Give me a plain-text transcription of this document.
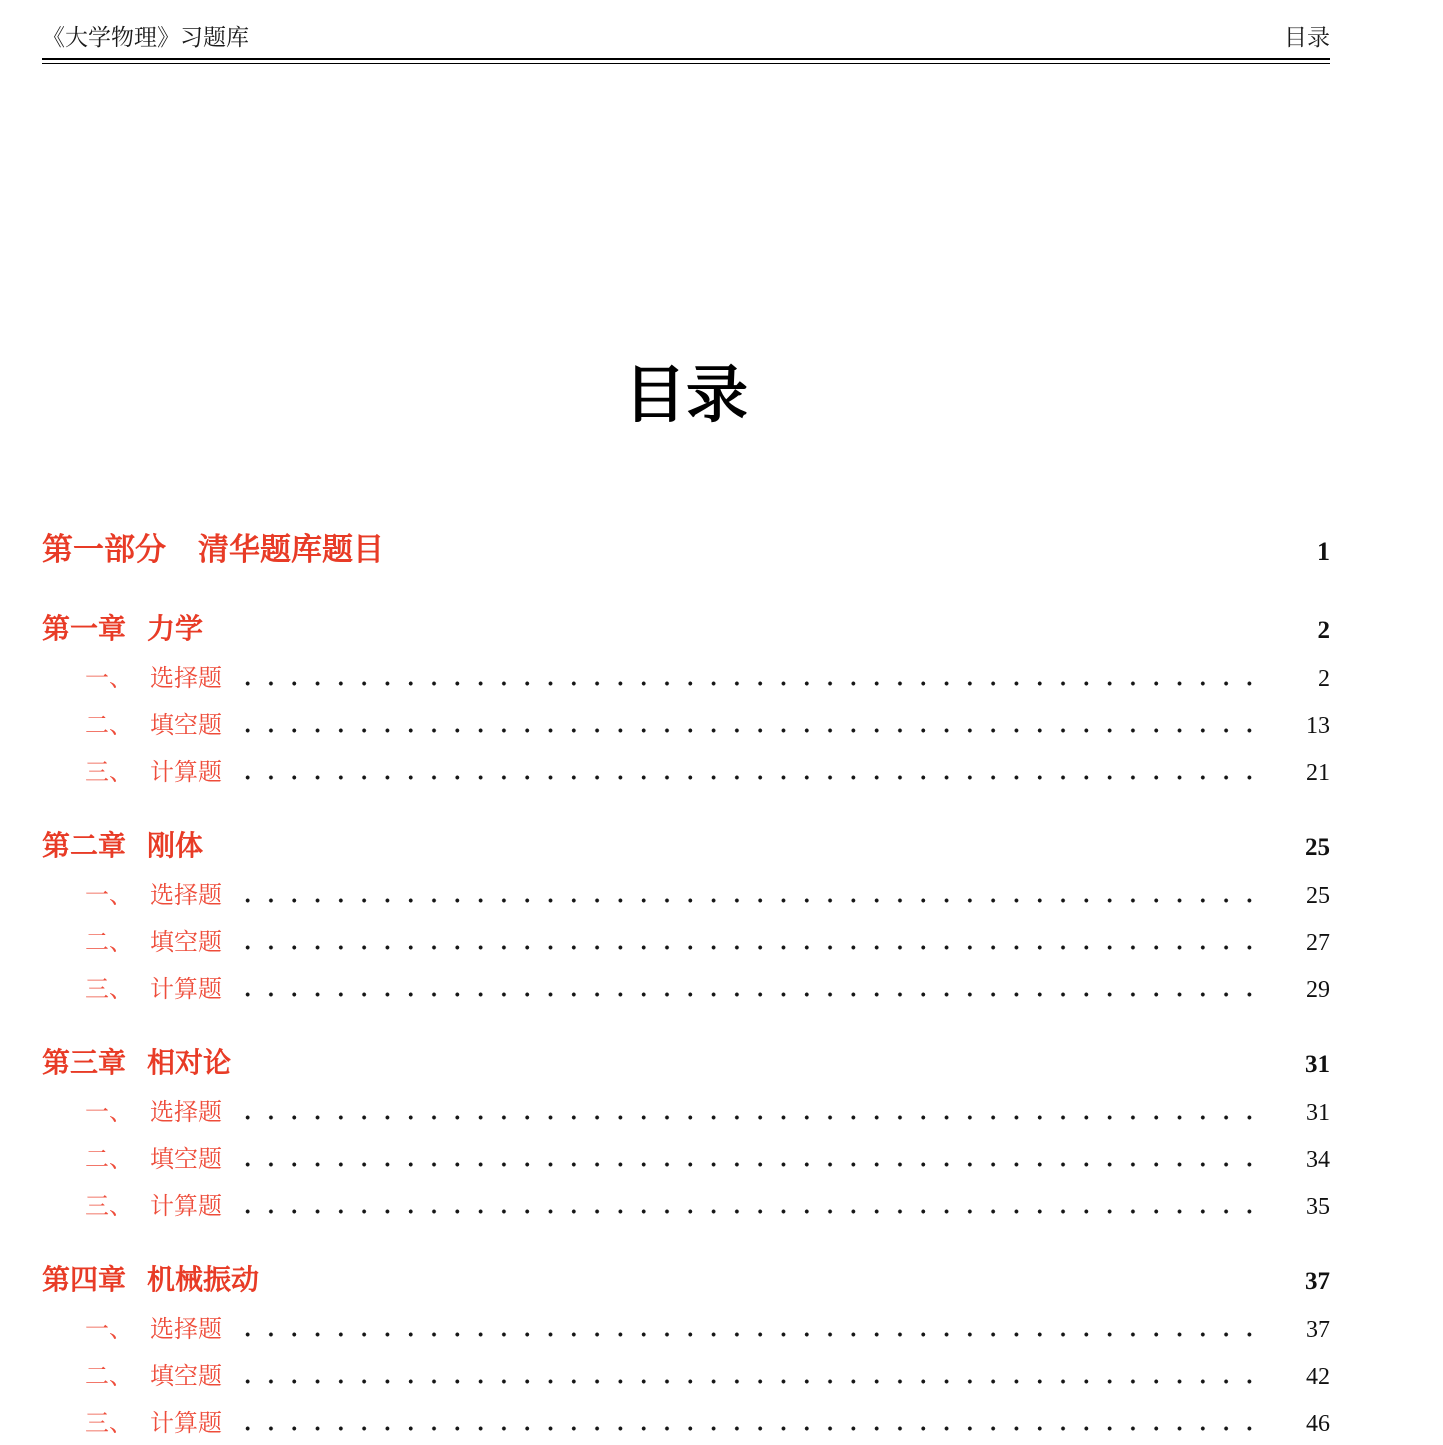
《大学物理》习题库	目录
目录
第一部分 清华题库题目	1
第一章 力学	2
一、 选择题	2
二、 填空题	13
三、 计算题	21
第二章 刚体	25
一、 选择题	25
二、 填空题	27
三、 计算题	29
第三章 相对论	31
一、 选择题	31
二、 填空题	34
三、 计算题	35
第四章 机械振动	37
一、 选择题	37
二、 填空题	42
三、 计算题	46
